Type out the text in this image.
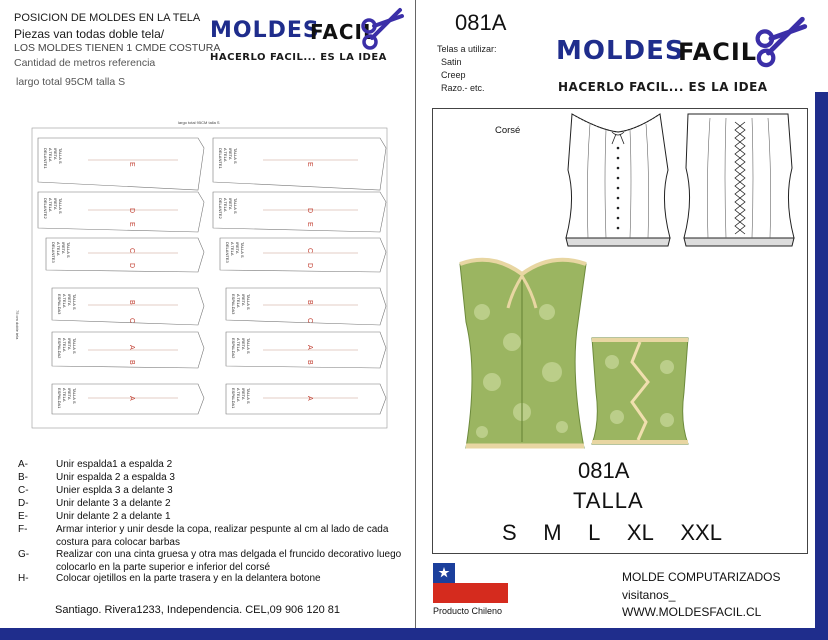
POSICION DE MOLDES EN LA TELA
Piezas van todas doble tela/
LOS MOLDES TIENEN 1 CMDE COSTURA
Cantidad de metros referencia
largo total 95CM talla S
MOLDES
FACIL
HACERLO FACIL... ES LA IDEA
largo total 95CM talla S
75 cm doble tela
DELANTE1 A TELA IRETA TALLA S
DELANTE2 A TELA IRETA TALLA S
DELANTE3 A TELA IRETA TALLA S
ESPALDA3 A TELA IRETA TALLA S
ESPALDA2 A TELA IRETA TALLA S
ESPALDA1 A TELA IRETA TALLA S
DELANTE1 A TELA IRETA TALLA S
DELANTE2 A TELA IRETA TALLA S
DELANTE3 A TELA IRETA TALLA S
ESPALDA3 A TELA IRETA TALLA S
ESPALDA2 A TELA IRETA TALLA S
ESPALDA1 A TELA IRETA TALLA S
E
D
E
C
D
B
C
A
B
A
E
D
E
C
D
B
C
A
B
A
A-	Unir espalda1 a espalda 2
B-	Unir espalda 2 a espalda 3
C-	Unier esplda 3 a delante 3
D-	Unir delante 3 a delante 2
E-	Unir delante 2 a delante 1
F-	Armar interior y unir desde la copa, realizar pespunte al cm al lado de cada costura para colocar barbas
G-	Realizar con una cinta gruesa y otra mas delgada el fruncido decorativo luego colocarlo en la parte superior e inferior del corsé
H-	Colocar ojetillos en la parte trasera y en la delantera botone
Santiago. Rivera1233, Independencia. CEL,09 906 120 81
081A
Telas a utilizar:
Satin
Creep
Razo.- etc.
MOLDES
FACIL
HACERLO FACIL... ES LA IDEA
Corsé
081A
TALLA
S M L XL XXL
Producto Chileno
MOLDE COMPUTARIZADOS
visitanos_
WWW.MOLDESFACIL.CL
